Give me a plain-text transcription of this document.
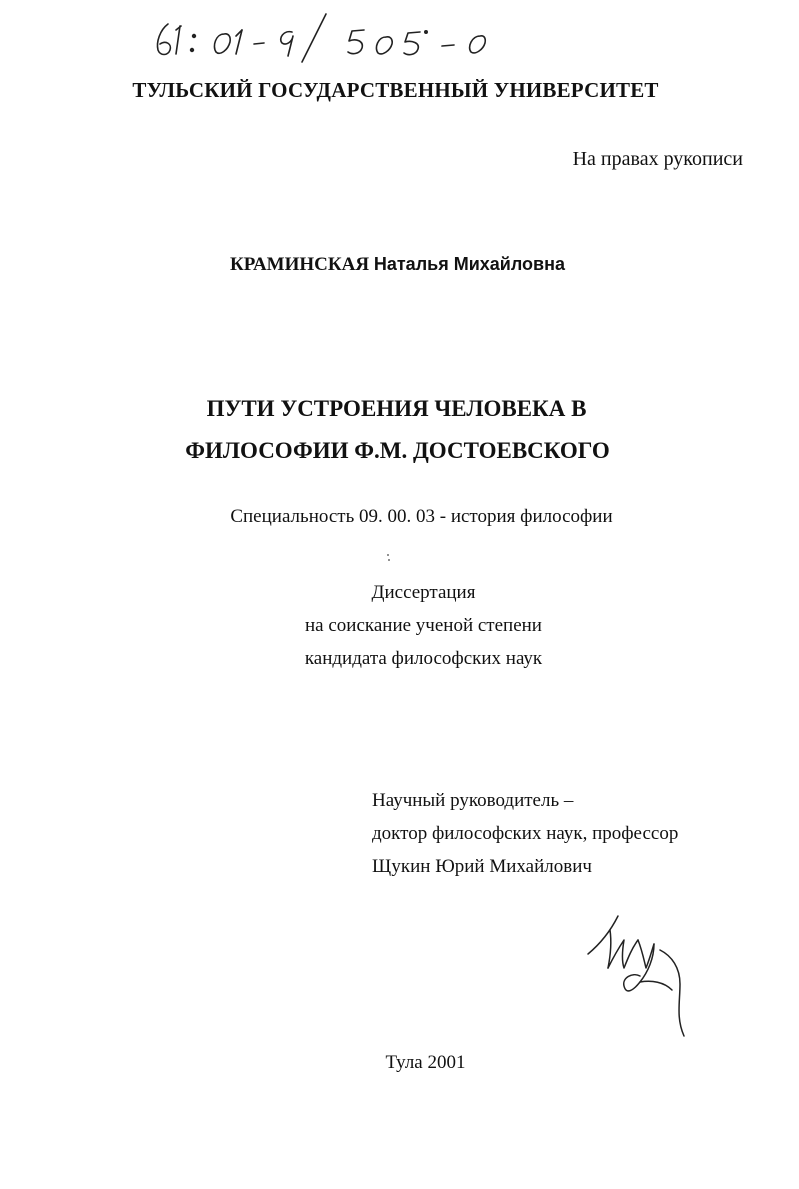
ТУЛЬСКИЙ ГОСУДАРСТВЕННЫЙ УНИВЕРСИТЕТ
На правах рукописи
КРАМИНСКАЯ Наталья Михайловна
ПУТИ УСТРОЕНИЯ ЧЕЛОВЕКА В
ФИЛОСОФИИ Ф.М. ДОСТОЕВСКОГО
Специальность 09. 00. 03 - история философии
Диссертация
на соискание ученой степени
кандидата философских наук
Научный руководитель –
доктор философских наук, профессор
Щукин Юрий Михайлович
Тула 2001
